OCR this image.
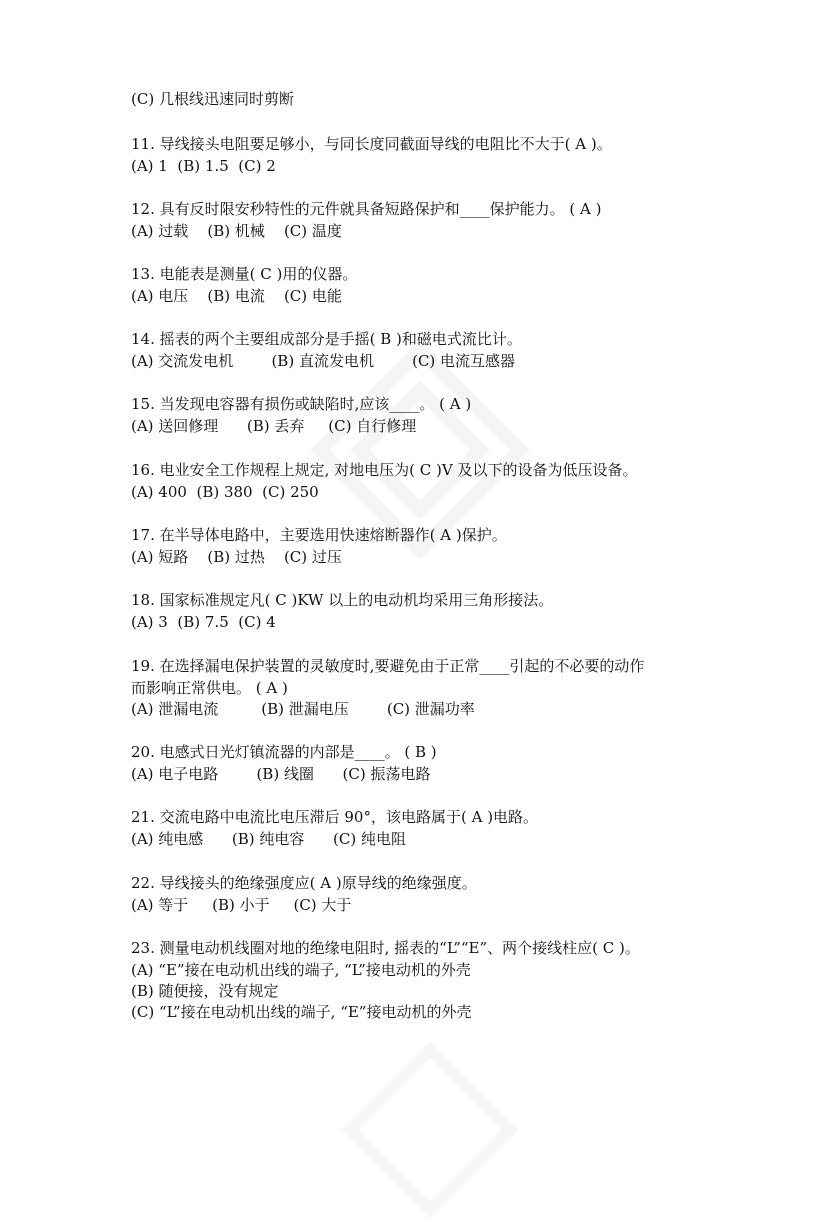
(C) 几根线迅速同时剪断
11. 导线接头电阻要足够小，与同长度同截面导线的电阻比不大于( A )。
(A) 1  (B) 1.5  (C) 2
12. 具有反时限安秒特性的元件就具备短路保护和____保护能力。 ( A )
(A) 过载    (B) 机械    (C) 温度
13. 电能表是测量( C )用的仪器。
(A) 电压    (B) 电流    (C) 电能
14. 摇表的两个主要组成部分是手摇( B )和磁电式流比计。
(A) 交流发电机        (B) 直流发电机        (C) 电流互感器
15. 当发现电容器有损伤或缺陷时,应该____。 ( A )
(A) 送回修理      (B) 丢弃     (C) 自行修理
16. 电业安全工作规程上规定, 对地电压为( C )V 及以下的设备为低压设备。
(A) 400  (B) 380  (C) 250
17. 在半导体电路中，主要选用快速熔断器作( A )保护。
(A) 短路    (B) 过热    (C) 过压
18. 国家标准规定凡( C )KW 以上的电动机均采用三角形接法。
(A) 3  (B) 7.5  (C) 4
19. 在选择漏电保护装置的灵敏度时,要避免由于正常____引起的不必要的动作
而影响正常供电。 ( A )
(A) 泄漏电流         (B) 泄漏电压        (C) 泄漏功率
20. 电感式日光灯镇流器的内部是____。 ( B )
(A) 电子电路        (B) 线圈      (C) 振荡电路
21. 交流电路中电流比电压滞后 90°，该电路属于( A )电路。
(A) 纯电感      (B) 纯电容      (C) 纯电阻
22. 导线接头的绝缘强度应( A )原导线的绝缘强度。
(A) 等于     (B) 小于     (C) 大于
23. 测量电动机线圈对地的绝缘电阻时, 摇表的“L”“E”、两个接线柱应( C )。
(A) “E”接在电动机出线的端子, “L”接电动机的外壳
(B) 随便接，没有规定
(C) “L”接在电动机出线的端子, “E”接电动机的外壳
